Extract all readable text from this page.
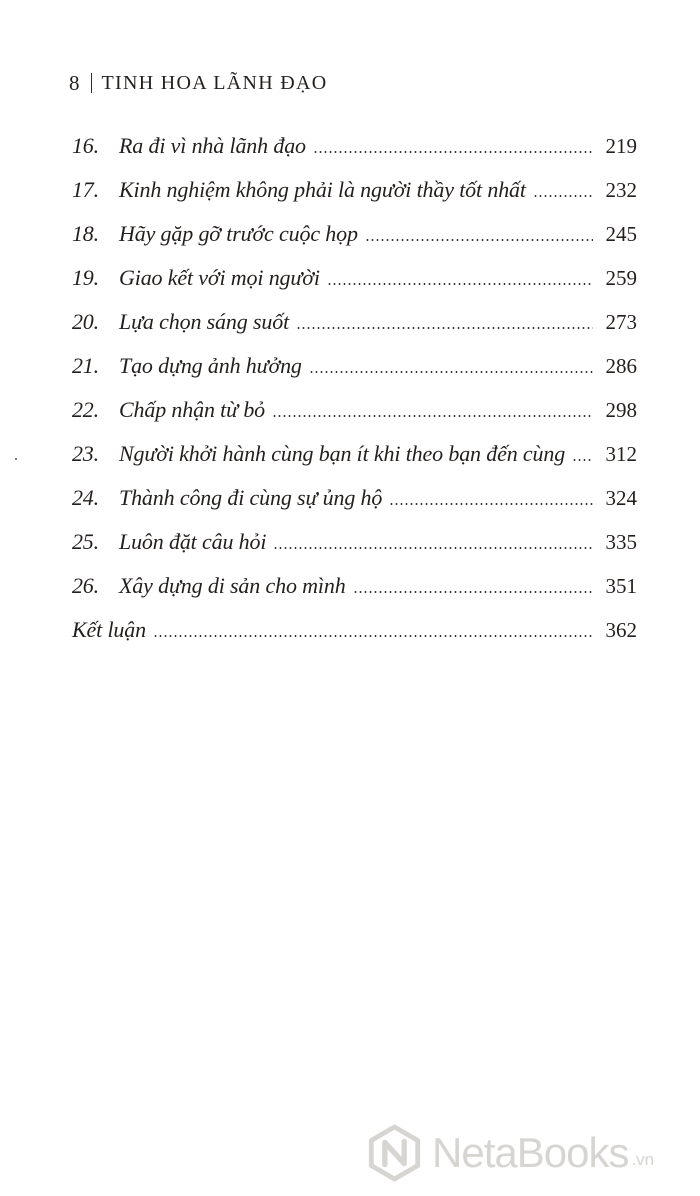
8 TINH HOA LÃNH ĐẠO
16. Ra đi vì nhà lãnh đạo	219
17. Kinh nghiệm không phải là người thầy tốt nhất	232
18. Hãy gặp gỡ trước cuộc họp	245
19. Giao kết với mọi người	259
20. Lựa chọn sáng suốt	273
21. Tạo dựng ảnh hưởng	286
22. Chấp nhận từ bỏ	298
23. Người khởi hành cùng bạn ít khi theo bạn đến cùng	312
24. Thành công đi cùng sự ủng hộ	324
25. Luôn đặt câu hỏi	335
26. Xây dựng di sản cho mình	351
Kết luận	362
NetaBooks .vn
